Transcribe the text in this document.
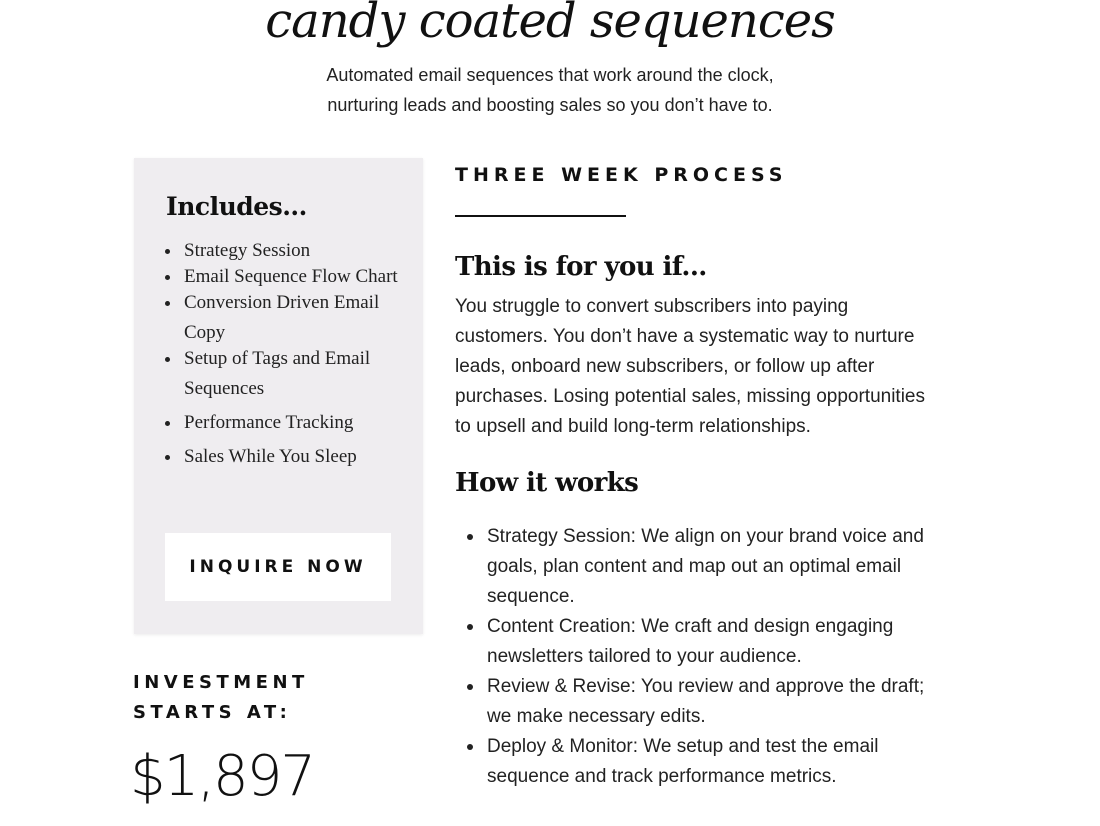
candy coated sequences

Automated email sequences that work around the clock,
nurturing leads and boosting sales so you don’t have to.

Includes...
Strategy Session
Email Sequence Flow Chart
Conversion Driven Email Copy
Setup of Tags and Email Sequences
Performance Tracking
Sales While You Sleep
INQUIRE NOW

INVESTMENT
STARTS AT:

$1,897

THREE WEEK PROCESS
This is for you if...

You struggle to convert subscribers into paying
customers. You don’t have a systematic way to nurture
leads, onboard new subscribers, or follow up after
purchases. Losing potential sales, missing opportunities
to upsell and build long-term relationships.

How it works
Strategy Session: We align on your brand voice and
goals, plan content and map out an optimal email
sequence.
Content Creation: We craft and design engaging
newsletters tailored to your audience.
Review & Revise: You review and approve the draft;
we make necessary edits.
Deploy & Monitor: We setup and test the email
sequence and track performance metrics.
